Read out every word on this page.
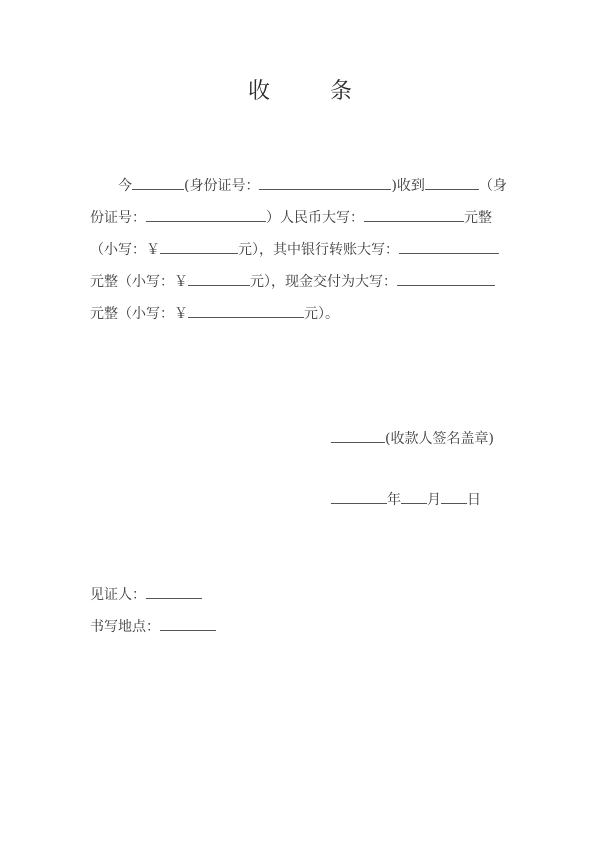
收	条
今	(身份证号：	)收到	（身
份证号：	）人民币大写：	元整
（小写：￥	元），其中银行转账大写：
元整（小写：￥	元），现金交付为大写：
元整（小写：￥	元）。
(收款人签名盖章)
年 月 日
见证人：
书写地点：
